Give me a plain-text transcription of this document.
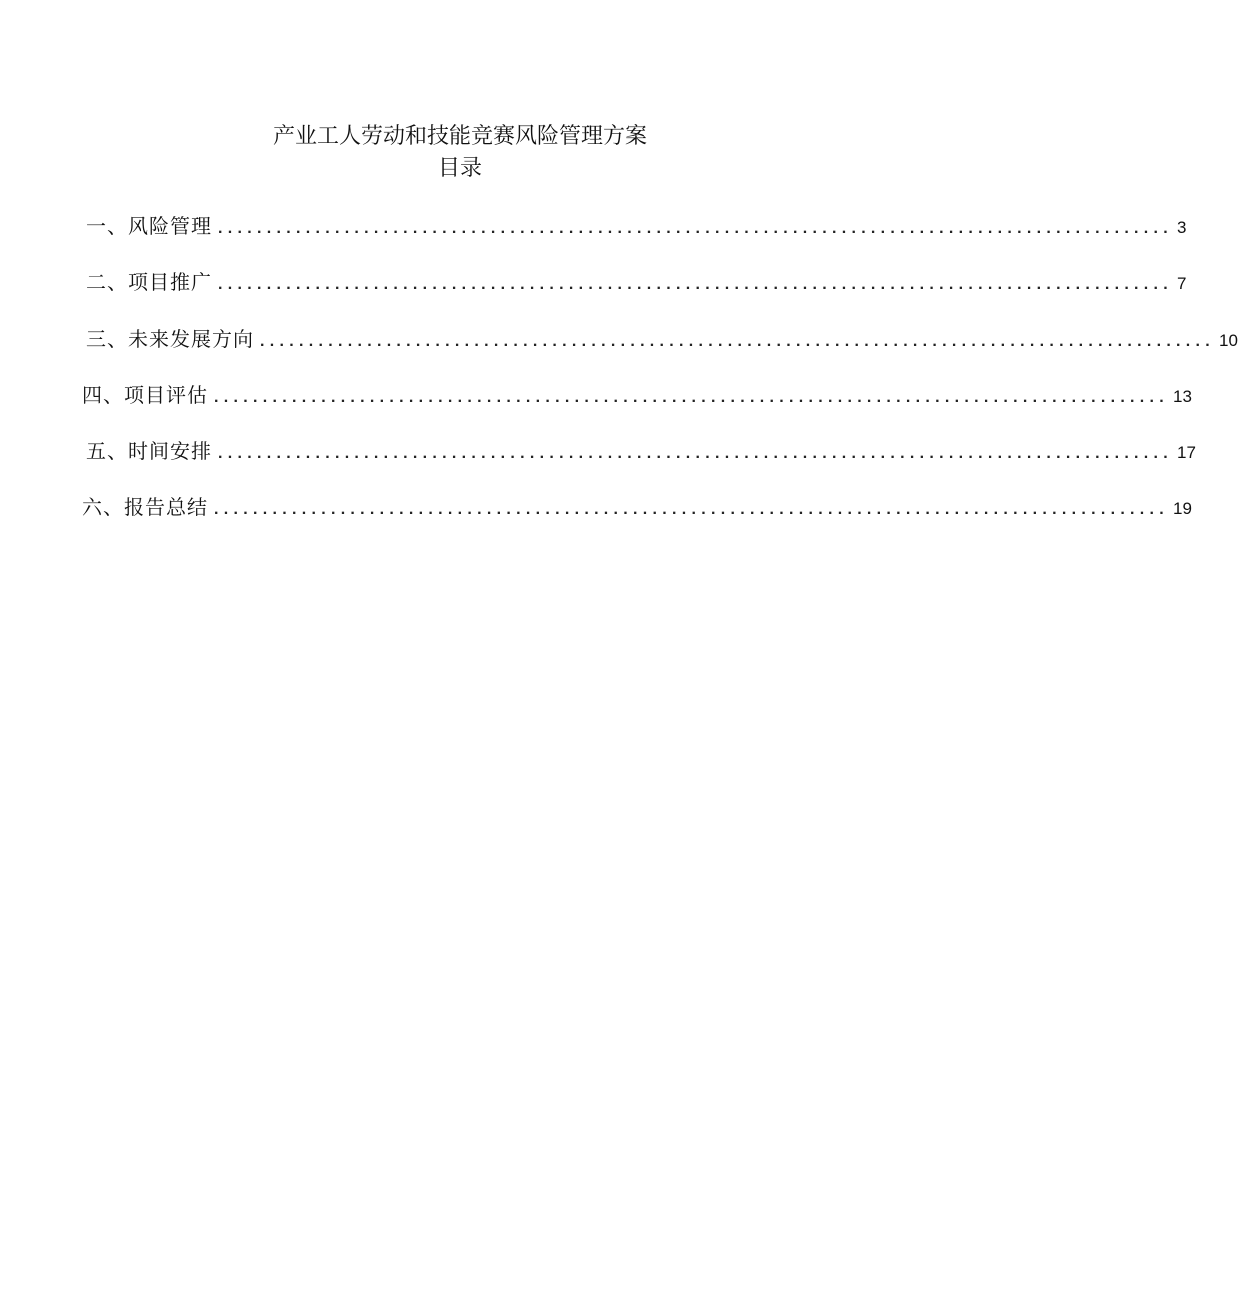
产业工人劳动和技能竞赛风险管理方案
目录
一、风险管理 .................................................................................................. 3
二、项目推广 .................................................................................................. 7
三、未来发展方向 .................................................................................................. 10
四、项目评估 .................................................................................................. 13
五、时间安排 .................................................................................................. 17
六、报告总结 .................................................................................................. 19
